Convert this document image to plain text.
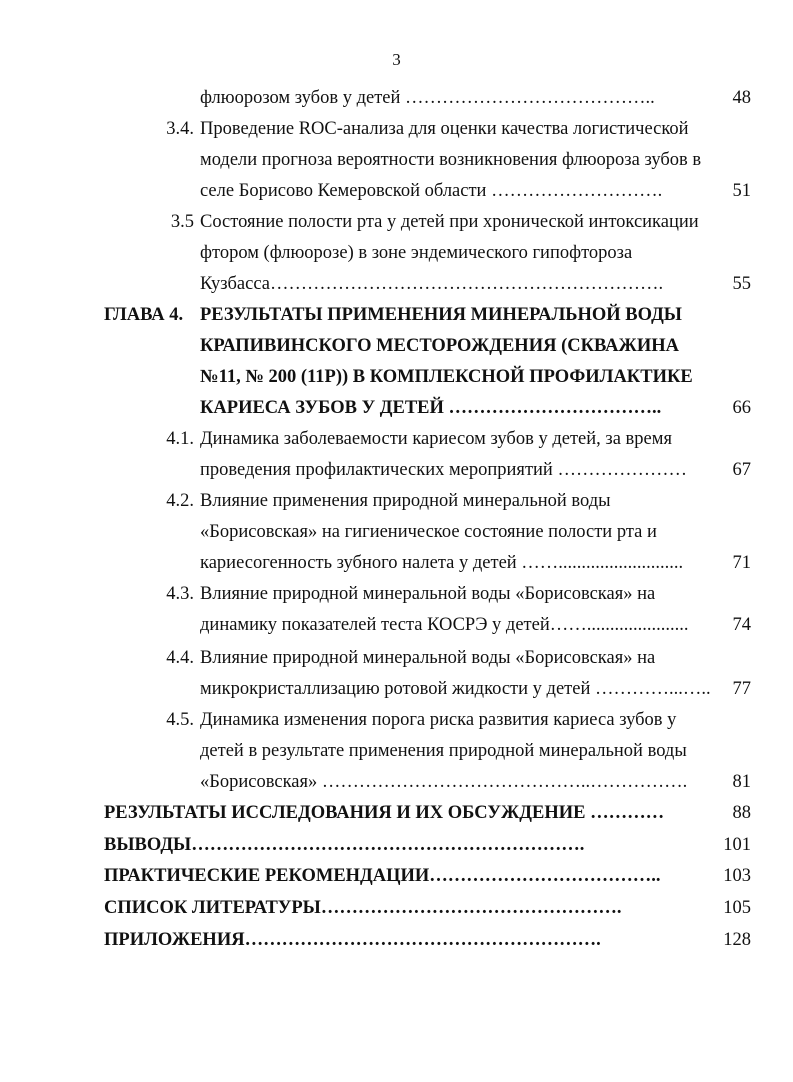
3
флюорозом зубов у детей …………………………………..	48
3.4. Проведение ROC-анализа для оценки качества логистической
модели прогноза вероятности возникновения флюороза зубов в
селе Борисово Кемеровской области ……………………….	51
3.5 Состояние полости рта у детей при хронической интоксикации
фтором (флюорозе) в зоне эндемического гипофтороза
Кузбасса……………………………………………………….	55
ГЛАВА 4. РЕЗУЛЬТАТЫ ПРИМЕНЕНИЯ МИНЕРАЛЬНОЙ ВОДЫ
КРАПИВИНСКОГО МЕСТОРОЖДЕНИЯ (СКВАЖИНА
№11, № 200 (11Р)) В КОМПЛЕКСНОЙ ПРОФИЛАКТИКЕ
КАРИЕСА ЗУБОВ У ДЕТЕЙ ……………………………..	66
4.1. Динамика заболеваемости кариесом зубов у детей, за время
проведения профилактических мероприятий ………………… 67
4.2. Влияние применения природной минеральной воды
«Борисовская» на гигиеническое состояние полости рта и
кариесогенность зубного налета у детей ……...........................	71
4.3. Влияние природной минеральной воды «Борисовская» на
динамику показателей теста КОСРЭ у детей……...................... 74
4.4. Влияние природной минеральной воды «Борисовская» на
микрокристаллизацию ротовой жидкости у детей …………...….. 77
4.5. Динамика изменения порога риска развития кариеса зубов у
детей в результате применения природной минеральной воды
«Борисовская» ……………………………………..……………. 81
РЕЗУЛЬТАТЫ ИССЛЕДОВАНИЯ И ИХ ОБСУЖДЕНИЕ …………	88
ВЫВОДЫ……………………………………………………….	101
ПРАКТИЧЕСКИЕ РЕКОМЕНДАЦИИ………………………………..	103
СПИСОК ЛИТЕРАТУРЫ………………………………………….	105
ПРИЛОЖЕНИЯ………………………………………………….	128
